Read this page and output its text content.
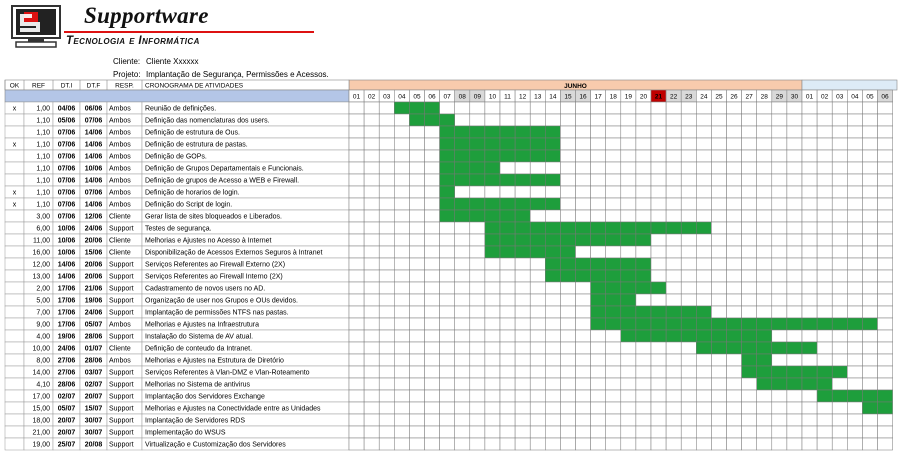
Supportware
Tecnologia e Informática
Cliente: Cliente Xxxxxx
Projeto: Implantação de Segurança, Permissões e Acessos.
JUNHO
OK REF DT.I DT.F RESP. CRONOGRAMA DE ATIVIDADES
01 02 03 04 05 06 07 08 09 10 11 12 13 14 15 16 17 18 19 20 21 22 23 24 25 26 27 28 29 30 01 02 03 04 05 06
x	1,00 04/06 06/06 Ambos Reunião de definições.
1,10 05/06 07/06 Ambos Definição das nomenclaturas dos users.
1,10 07/06 14/06 Ambos Definição de estrutura de Ous.
x	1,10 07/06 14/06 Ambos Definição de estrutura de pastas.
1,10 07/06 14/06 Ambos Definição de GOPs.
1,10 07/06 10/06 Ambos Definição de Grupos Departamentais e Funcionais.
1,10 07/06 14/06 Ambos Definição de grupos de Acesso a WEB e Firewall.
x	1,10 07/06 07/06 Ambos Definição de horarios de login.
x	1,10 07/06 14/06 Ambos Definição do Script de login.
3,00 07/06 12/06 Cliente Gerar lista de sites bloqueados e Liberados.
6,00 10/06 24/06 Support Testes de segurança.
11,00 10/06 20/06 Cliente Melhorias e Ajustes no Acesso à Internet
16,00 10/06 15/06 Cliente Disponibilização de Acessos Externos Seguros à Intranet
12,00 14/06 20/06 Support Serviços Referentes ao Firewall Externo (2X)
13,00 14/06 20/06 Support Serviços Referentes ao Firewall Interno (2X)
2,00 17/06 21/06 Support Cadastramento de novos users no AD.
5,00 17/06 19/06 Support Organização de user nos Grupos e OUs devidos.
7,00 17/06 24/06 Support Implantação de permissões NTFS nas pastas.
9,00 17/06 05/07 Ambos Melhorias e Ajustes na Infraestrutura
4,00 19/06 28/06 Support Instalação do Sistema de AV atual.
10,00 24/06 01/07 Cliente Definição de conteudo da Intranet.
8,00 27/06 28/06 Ambos Melhorias e Ajustes na Estrutura de Diretório
14,00 27/06 03/07 Support Serviços Referentes à Vlan-DMZ e Vlan-Roteamento
4,10 28/06 02/07 Support Melhorias no Sistema de antivirus
17,00 02/07 20/07 Support Implantação dos Servidores Exchange
15,00 05/07 15/07 Support Melhorias e Ajustes na Conectividade entre as Unidades
18,00 20/07 30/07 Support Implantação de Servidores RDS
21,00 20/07 30/07 Support Implementação do WSUS
19,00 25/07 20/08 Support Virtualização e Customização dos Servidores
